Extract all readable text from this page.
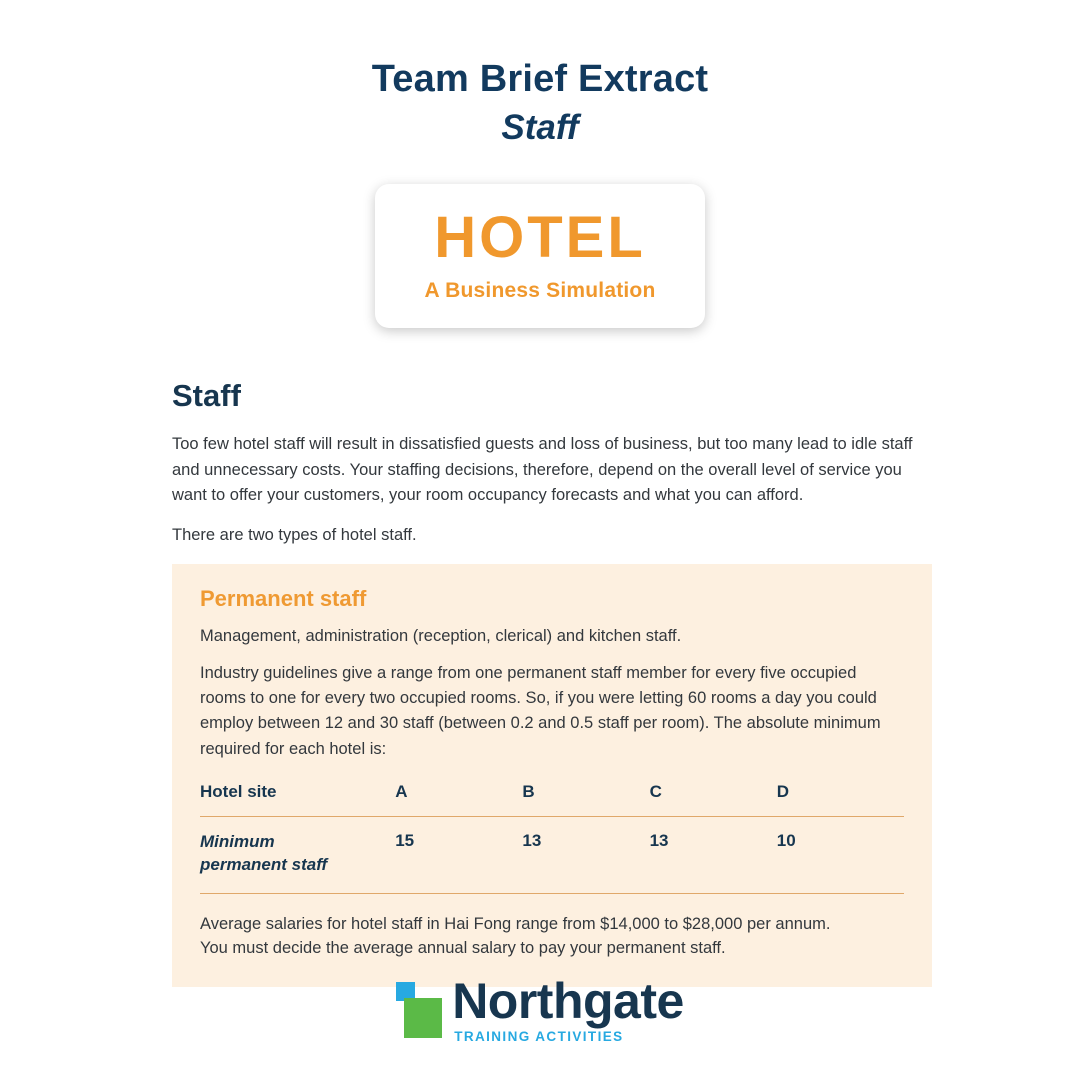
Team Brief Extract
Staff
HOTEL
A Business Simulation
Staff

Too few hotel staff will result in dissatisfied guests and loss of business, but too many lead to idle staff and unnecessary costs. Your staffing decisions, therefore, depend on the overall level of service you want to offer your customers, your room occupancy forecasts and what you can afford.

There are two types of hotel staff.

Permanent staff

Management, administration (reception, clerical) and kitchen staff.

Industry guidelines give a range from one permanent staff member for every five occupied rooms to one for every two occupied rooms. So, if you were letting 60 rooms a day you could employ between 12 and 30 staff (between 0.2 and 0.5 staff per room). The absolute minimum required for each hotel is:

Hotel site	A	B	C	D
Minimum
permanent staff	15	13	13	10
Average salaries for hotel staff in Hai Fong range from $14,000 to $28,000 per annum.
You must decide the average annual salary to pay your permanent staff.
Northgate
TRAINING ACTIVITIES
